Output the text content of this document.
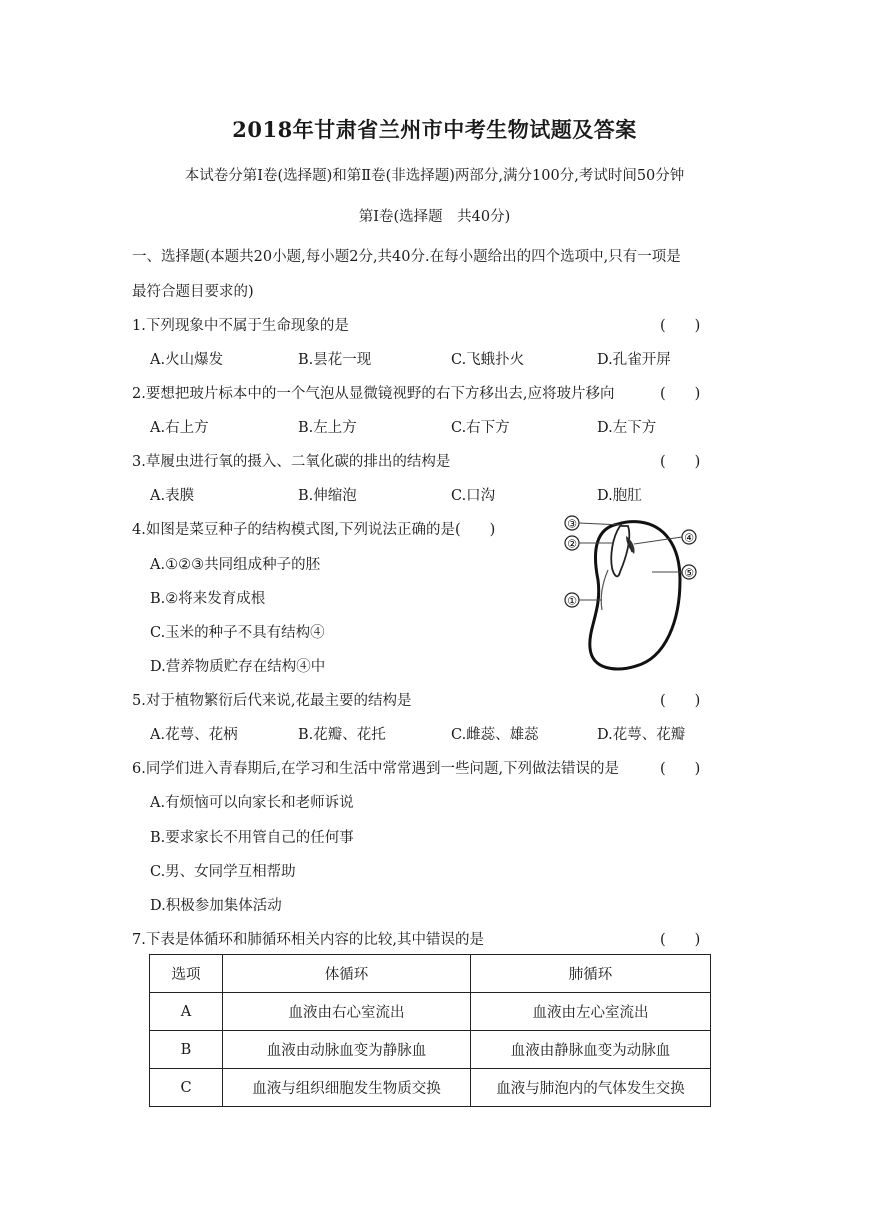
2018年甘肃省兰州市中考生物试题及答案
本试卷分第Ⅰ卷(选择题)和第Ⅱ卷(非选择题)两部分,满分100分,考试时间50分钟
第Ⅰ卷(选择题　共40分)
一、选择题(本题共20小题,每小题2分,共40分.在每小题给出的四个选项中,只有一项是
最符合题目要求的)
1.下列现象中不属于生命现象的是	(　　)
A.火山爆发	B.昙花一现	C.飞蛾扑火	D.孔雀开屏
2.要想把玻片标本中的一个气泡从显微镜视野的右下方移出去,应将玻片移向	(　　)
A.右上方	B.左上方	C.右下方	D.左下方
3.草履虫进行氧的摄入、二氧化碳的排出的结构是	(　　)
A.表膜	B.伸缩泡	C.口沟	D.胞肛
4.如图是菜豆种子的结构模式图,下列说法正确的是(　　)
A.①②③共同组成种子的胚
B.②将来发育成根
C.玉米的种子不具有结构④
D.营养物质贮存在结构④中
③
②
①
④
⑤
5.对于植物繁衍后代来说,花最主要的结构是	(　　)
A.花萼、花柄	B.花瓣、花托	C.雌蕊、雄蕊	D.花萼、花瓣
6.同学们进入青春期后,在学习和生活中常常遇到一些问题,下列做法错误的是	(　　)
A.有烦恼可以向家长和老师诉说
B.要求家长不用管自己的任何事
C.男、女同学互相帮助
D.积极参加集体活动
7.下表是体循环和肺循环相关内容的比较,其中错误的是	(　　)
选项	体循环	肺循环
A	血液由右心室流出	血液由左心室流出
B	血液由动脉血变为静脉血	血液由静脉血变为动脉血
C	血液与组织细胞发生物质交换	血液与肺泡内的气体发生交换
